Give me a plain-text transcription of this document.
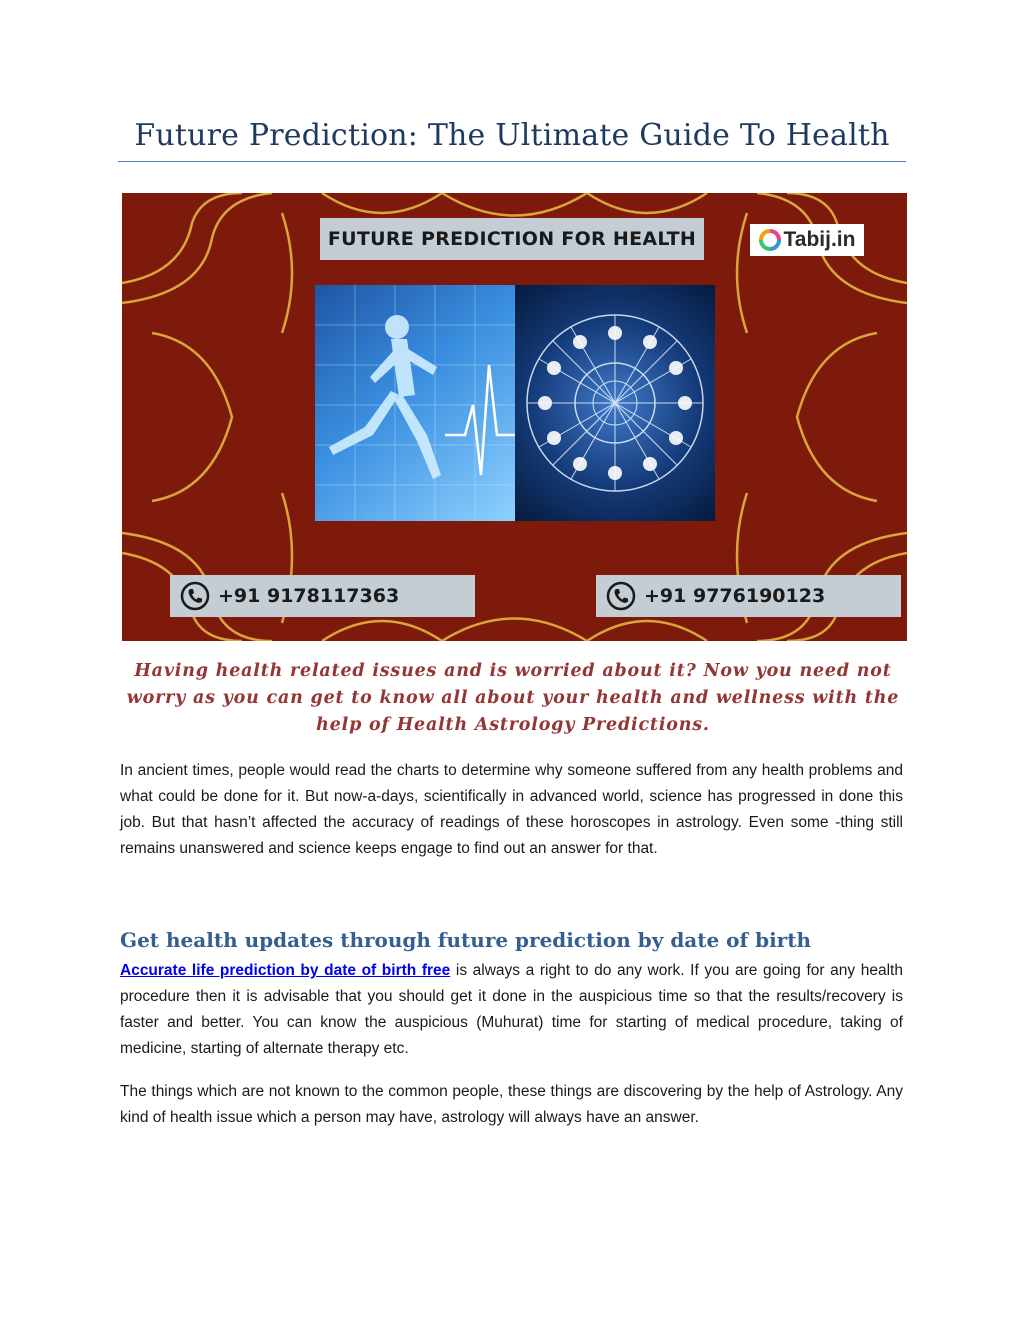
Future Prediction: The Ultimate Guide To Health
FUTURE PREDICTION FOR HEALTH	Tabij.in
+91 9178117363	+91 9776190123

Having health related issues and is worried about it? Now you need not worry as you can get to know all about your health and wellness with the help of Health Astrology Predictions.

In ancient times, people would read the charts to determine why someone suffered from any health problems and what could be done for it. But now-a-days, scientifically in advanced world, science has progressed in done this job. But that hasn’t affected the accuracy of readings of these horoscopes in astrology. Even some -thing still remains unanswered and science keeps engage to find out an answer for that.

Get health updates through future prediction by date of birth

Accurate life prediction by date of birth free is always a right to do any work. If you are going for any health procedure then it is advisable that you should get it done in the auspicious time so that the results/recovery is faster and better. You can know the auspicious (Muhurat) time for starting of medical procedure, taking of medicine, starting of alternate therapy etc.

The things which are not known to the common people, these things are discovering by the help of Astrology. Any kind of health issue which a person may have, astrology will always have an answer.
